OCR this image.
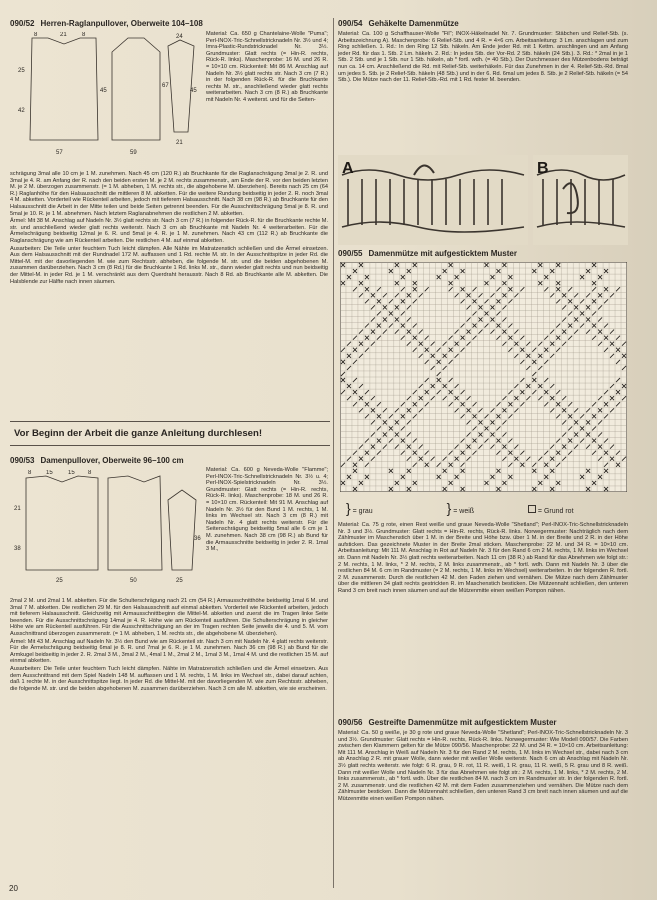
090/52 Herren-Raglanpullover, Oberweite 104–108
8	21	8
25
42
45
67
57	59
24
45
21

Material: Ca. 650 g Chantelaine-Wolle "Puma"; Perl-INOX-Tric-Schnellstricknadeln Nr. 3½ und 4; Imra-Plastic-Rundstricknadel Nr. 3½. Grundmuster: Glatt rechts (= Hin-R. rechts, Rück-R. links). Maschenprobe: 16 M. und 26 R. = 10×10 cm. Rückenteil: Mit 86 M. Anschlag auf Nadeln Nr. 3½ glatt rechts str. Nach 3 cm (7 R.) in der folgenden Rück-R. für die Bruchkante rechts M. str., anschließend wieder glatt rechts weiterarbeiten. Nach 3 cm (8 R.) ab Bruchkante mit Nadeln Nr. 4 weiterst. und für die Seiten-

schrägung 3mal alle 10 cm je 1 M. zunehmen. Nach 45 cm (120 R.) ab Bruchkante für die Raglanschrägung 3mal je 2. R. und 3mal je 4. R. am Anfang der R. nach den beiden ersten M. je 2 M. rechts zusammenstr., am Ende der R. vor den beiden letzten M. je 2 M. überzogen zusammenstr. (= 1 M. abheben, 1 M. rechts str., die abgehobene M. überziehen). Bereits nach 25 cm (64 R.) Raglanhöhe für den Halsausschnitt die mittleren 8 M. abketten. Für die weitere Rundung beidseitig in jeder 2. R. noch 3mal 4 M. abketten. Vorderteil wie Rückenteil arbeiten, jedoch mit tieferem Halsausschnitt. Nach 38 cm (98 R.) ab Bruchkante für den Halsausschnitt die Arbeit in der Mitte teilen und beide Seiten getrennt beenden. Für die Ausschnittschrägung 5mal je 8. R. und 5mal je 10. R. je 1 M. abnehmen. Nach letztem Raglanabnehmen die restlichen 2 M. abketten.

Ärmel: Mit 38 M. Anschlag auf Nadeln Nr. 3½ glatt rechts str. Nach 3 cm (7 R.) in folgender Rück-R. für die Bruchkante rechte M. str. und anschließend wieder glatt rechts weiterstr. Nach 3 cm ab Bruchkante mit Nadeln Nr. 4 weiterarbeiten. Für die Ärmelschrägung beidseitig 12mal je 6. R. und 5mal je 4. R. je 1 M. zunehmen. Nach 43 cm (112 R.) ab Bruchkante die Raglanschrägung wie am Rückenteil arbeiten. Die restlichen 4 M. auf einmal abketten.

Ausarbeiten: Die Teile unter feuchtem Tuch leicht dämpfen. Alle Nähte im Matratzenstich schließen und die Ärmel einsetzen. Aus dem Halsausschnitt mit der Rundnadel 172 M. auffassen und 1 Rd. rechte M. str. In der Ausschnittspitze in jeder Rd. die Mittel-M. mit der davorliegenden M. wie zum Rechtsstr. abheben, die folgende M. str. und die beiden abgehobenen M. zusammen darüberziehen. Nach 3 cm (8 Rd.) für die Bruchkante 1 Rd. links M. str., dann wieder glatt rechts und nun beidseitig der Mittel-M. in jeder Rd. je 1 M. verschränkt aus dem Querdraht herausstr. Nach 8 Rd. ab Bruchkante alle M. abketten. Die Halsblende zur Hälfte nach innen säumen.

Vor Beginn der Arbeit die ganze Anleitung durchlesen!
090/53 Damenpullover, Oberweite 96–100 cm
8 15	15 8
21
38
25	50
36
25

Material: Ca. 600 g Neveda-Wolle "Flamme"; Perl-INOX-Tric-Schnellstricknadeln Nr. 3½ u. 4; Perl-INOX-Spielstricknadeln Nr. 3½. Grundmuster: Glatt rechts (= Hin-R. rechts, Rück-R. links). Maschenprobe: 18 M. und 26 R. = 10×10 cm. Rückenteil: Mit 91 M. Anschlag auf Nadeln Nr. 3½ für den Bund 1 M. rechts, 1 M. links im Wechsel str. Nach 3 cm (8 R.) mit Nadeln Nr. 4 glatt rechts weiterstr. Für die Seitenschrägung beidseitig 5mal alle 6 cm je 1 M. zunehmen. Nach 38 cm (98 R.) ab Bund für die Armausschnitte beidseitig in jeder 2. R. 1mal 3 M.,

2mal 2 M. und 2mal 1 M. abketten. Für die Schulterschrägung nach 21 cm (54 R.) Armausschnitthöhe beidseitig 1mal 6 M. und 3mal 7 M. abketten. Die restlichen 29 M. für den Halsausschnitt auf einmal abketten. Vorderteil wie Rückenteil arbeiten, jedoch mit tieferem Halsausschnitt. Gleichzeitig mit Armausschnittbeginn die Mittel-M. abketten und zuerst die im Tragen linke Seite beenden. Für die Ausschnittschrägung 14mal je 4. R. Höhe wie am Rückenteil ausführen. Die Schulterschrägung in gleicher Höhe wie am Rückenteil ausführen. Für die Ausschnittschrägung an der im Tragen rechten Seite jeweils die 4. und 5. M. vom Ausschnittrand überzogen zusammenstr. (= 1 M. abheben, 1 M. rechts str., die abgehobene M. überziehen).

Ärmel: Mit 43 M. Anschlag auf Nadeln Nr. 3½ den Bund wie am Rückenteil str. Nach 3 cm mit Nadeln Nr. 4 glatt rechts weiterstr. Für die Ärmelschrägung beidseitig 6mal je 8. R. und 7mal je 6. R. je 1 M. zunehmen. Nach 36 cm (98 R.) ab Bund für die Armkugel beidseitig in jeder 2. R. 2mal 3 M., 3mal 2 M., 4mal 1 M., 2mal 2 M., 1mal 3 M., 1mal 4 M. und die restlichen 15 M. auf einmal abketten.

Ausarbeiten: Die Teile unter feuchtem Tuch leicht dämpfen. Nähte im Matratzenstich schließen und die Ärmel einsetzen. Aus dem Ausschnittrand mit dem Spiel Nadeln 148 M. auffassen und 1 M. rechts, 1 M. links im Wechsel str., dabei darauf achten, daß 1 rechte M. in der Ausschnittspitze liegt. In jeder Rd. die Mittel-M. mit der davorliegenden M. wie zum Rechtsstr. abheben, die folgende M. str. und die beiden abgehobenen M. zusammen darüberziehen. Nach 3 cm alle M. abketten, wie sie erscheinen.

20
090/54 Gehäkelte Damenmütze

Material: Ca. 100 g Schaffhauser-Wolle "Fil"; INOX-Häkelnadel Nr. 7. Grundmuster: Stäbchen und Relief-Stb. (s. Arbeitszeichnung A). Maschenprobe: 6 Relief-Stb. und 4 R. = 4×6 cm. Arbeitsanleitung: 3 Lm. anschlagen und zum Ring schließen. 1. Rd.: In den Ring 12 Stb. häkeln. Am Ende jeder Rd. mit 1 Kettm. anschlingen und am Anfang jeder Rd. für das 1. Stb. 2 Lm. häkeln. 2. Rd.: In jedes Stb. der Vor-Rd. 2 Stb. häkeln (24 Stb.). 3. Rd.: * 2mal in je 1 Stb. 2 Stb. und je 1 Stb. nur 1 Stb. häkeln, ab * fortl. wdh. (= 40 Stb.). Der Durchmesser des Mützenbodens beträgt nun ca. 14 cm. Anschließend die Rd. mit Relief-Stb. weiterhäkeln. Für das Zunehmen in der 4. Relief-Stb.-Rd. 8mal um jedes 5. Stb. je 2 Relief-Stb. häkeln (48 Stb.) und in der 6. Rd. 6mal um jedes 8. Stb. je 2 Relief-Stb. häkeln (= 54 Stb.). Die Mütze nach der 11. Relief-Stb.-Rd. mit 1 Rd. fester M. beenden.

A	B
090/55 Damenmütze mit aufgesticktem Muster
} = grau	} = weiß	= Grund rot

Material: Ca. 75 g rote, einen Rest weiße und graue Neveda-Wolle "Shetland"; Perl-INOX-Tric-Schnellstricknadeln Nr. 3 und 3½. Grundmuster: Glatt rechts = Hin-R. rechts, Rück-R. links. Norwegermuster: Nachträglich nach dem Zählmuster im Maschenstich über 1 M. in der Breite und Höhe bzw. über 1 M. in der Breite und 2 R. in der Höhe aufsticken. Das gezeichnete Muster in der Breite 2mal sticken. Maschenprobe: 22 M. und 34 R. = 10×10 cm. Arbeitsanleitung: Mit 111 M. Anschlag in Rot auf Nadeln Nr. 3 für den Rand 6 cm 2 M. rechts, 1 M. links im Wechsel str. Dann mit Nadeln Nr. 3½ glatt rechts weiterarbeiten. Nach 11 cm (38 R.) ab Rand für das Abnehmen wie folgt str.: 2 M. rechts, 1 M. links, * 2 M. rechts, 2 M. links zusammenstr., ab * fortl. wdh. Dann mit Nadeln Nr. 3 über die restlichen 84 M. 6 cm im Randmuster (= 2 M. rechts, 1 M. links im Wechsel) weiterarbeiten. In der folgenden R. fortl. 2 M. zusammenstr. Durch die restlichen 42 M. den Faden ziehen und vernähen. Die Mütze nach dem Zählmuster über die mittleren 34 glatt rechts gestrickten R. im Maschenstich besticken. Die Mützennaht schließen, den unteren Rand 3 cm breit nach innen säumen und auf die Mützenmitte einen weißen Pompon nähen.

090/56 Gestreifte Damenmütze mit aufgesticktem Muster

Material: Ca. 50 g weiße, je 30 g rote und graue Neveda-Wolle "Shetland"; Perl-INOX-Tric-Schnellstricknadeln Nr. 3 und 3½. Grundmuster: Glatt rechts = Hin-R. rechts, Rück-R. links. Norwegermuster: Wie Modell 090/57. Die Farben zwischen den Klammern gelten für die Mütze 090/56. Maschenprobe: 22 M. und 34 R. = 10×10 cm. Arbeitsanleitung: Mit 111 M. Anschlag in Weiß auf Nadeln Nr. 3 für den Rand 2 M. rechts, 1 M. links im Wechsel str., dabei nach 3 cm ab Anschlag 2 R. mit grauer Wolle, dann wieder mit weißer Wolle weiterstr. Nach 6 cm ab Anschlag mit Nadeln Nr. 3½ glatt rechts weiterstr. wie folgt: 6 R. grau, 9 R. rot, 11 R. weiß, 1 R. grau, 11 R. weiß, 5 R. grau und 8 R. weiß. Dann mit weißer Wolle und Nadeln Nr. 3 für das Abnehmen wie folgt str.: 2 M. rechts, 1 M. links, * 2 M. rechts, 2 M. links zusammenstr., ab * fortl. wdh. Über die restlichen 84 M. nach 3 cm im Randmuster str. In der folgenden R. fortl. 2 M. zusammenstr. und die restlichen 42 M. mit dem Faden zusammenziehen und vernähen. Die Mütze nach dem Zählmuster besticken. Dann die Mützennaht schließen, den unteren Rand 3 cm breit nach innen säumen und auf die Mützenmitte einen weißen Pompon nähen.
